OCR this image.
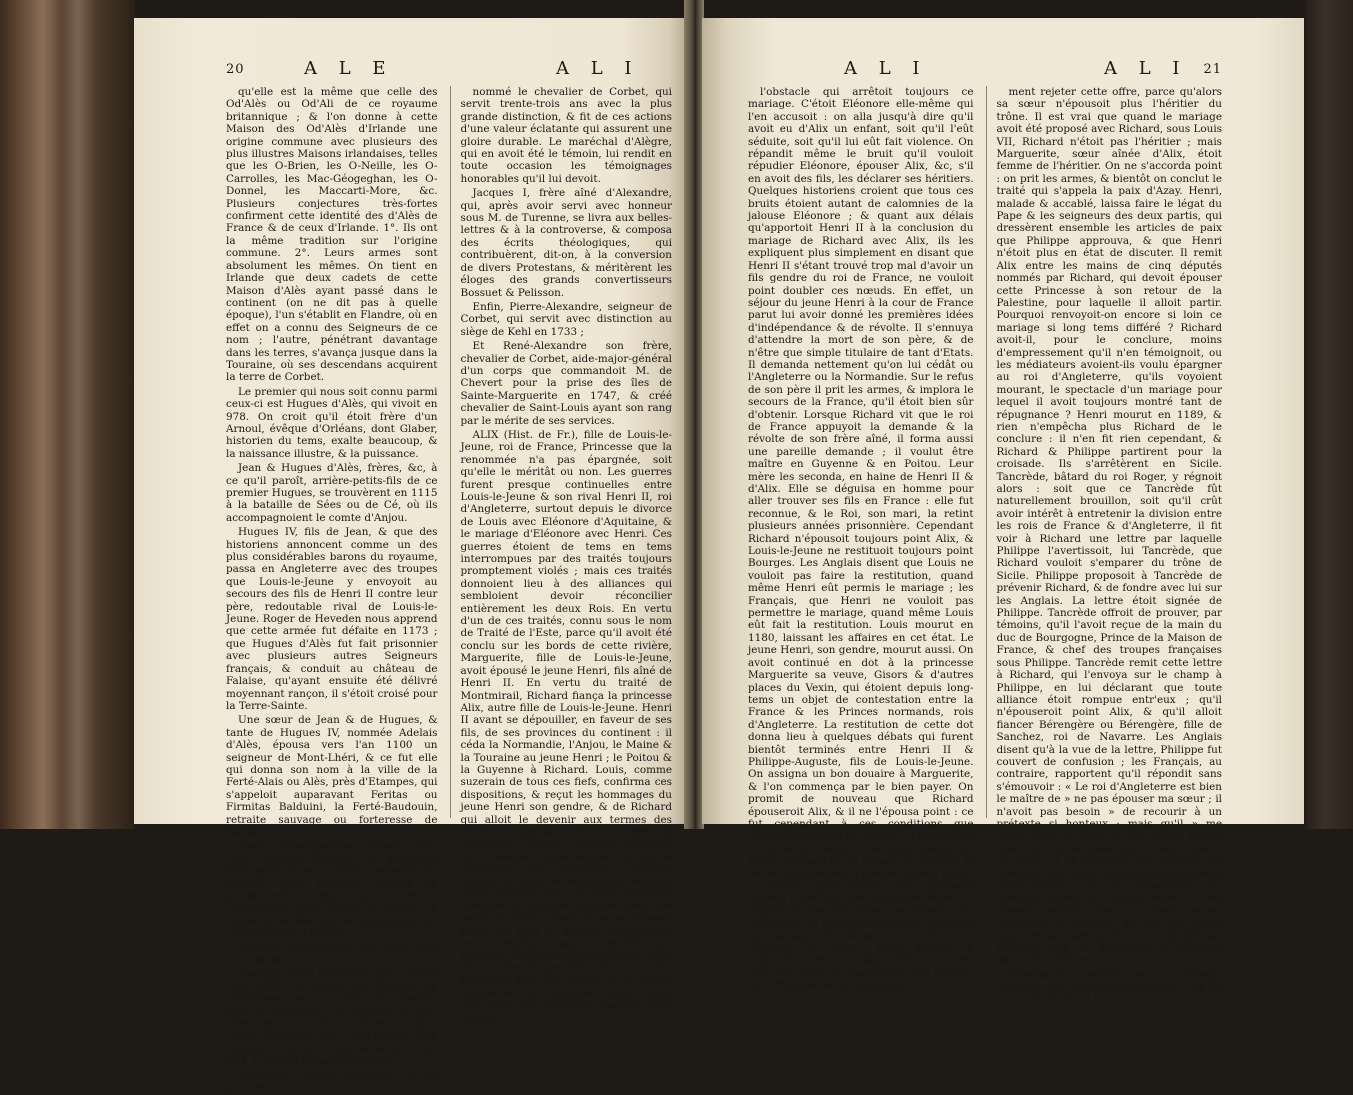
20	A L E	A L I

qu'elle est la même que celle des Od'Alès ou Od'Ali de ce royaume britannique ; & l'on donne à cette Maison des Od'Alès d'Irlande une origine commune avec plusieurs des plus illustres Maisons irlandaises, telles que les O-Brien, les O-Neille, les O-Carrolles, les Mac-Géogeghan, les O-Donnel, les Maccarti-More, &c. Plusieurs conjectures très-fortes confirment cette identité des d'Alès de France & de ceux d'Irlande. 1°. Ils ont la même tradition sur l'origine commune. 2°. Leurs armes sont absolument les mêmes. On tient en Irlande que deux cadets de cette Maison d'Alès ayant passé dans le continent (on ne dit pas à quelle époque), l'un s'établit en Flandre, où en effet on a connu des Seigneurs de ce nom ; l'autre, pénétrant davantage dans les terres, s'avança jusque dans la Touraine, où ses descendans acquirent la terre de Corbet.

Le premier qui nous soit connu parmi ceux-ci est Hugues d'Alès, qui vivoit en 978. On croit qu'il étoit frère d'un Arnoul, évêque d'Orléans, dont Glaber, historien du tems, exalte beaucoup, & la naissance illustre, & la puissance.

Jean & Hugues d'Alès, frères, &c, à ce qu'il paroît, arrière-petits-fils de ce premier Hugues, se trouvèrent en 1115 à la bataille de Sées ou de Cé, où ils accompagnoient le comte d'Anjou.

Hugues IV, fils de Jean, & que des historiens annoncent comme un des plus considérables barons du royaume, passa en Angleterre avec des troupes que Louis-le-Jeune y envoyoit au secours des fils de Henri II contre leur père, redoutable rival de Louis-le-Jeune. Roger de Heveden nous apprend que cette armée fut défaite en 1173 ; que Hugues d'Alès fut fait prisonnier avec plusieurs autres Seigneurs français, & conduit au château de Falaise, qu'ayant ensuite été délivré moyennant rançon, il s'étoit croisé pour la Terre-Sainte.

Une sœur de Jean & de Hugues, & tante de Hugues IV, nommée Adelais d'Alès, épousa vers l'an 1100 un seigneur de Mont-Lhéri, & ce fut elle qui donna son nom à la ville de la Ferté-Alais ou Alès, près d'Etampes, qui s'appeloit auparavant Feritas ou Firmitas Balduini, la Ferté-Baudouin, retraite sauvage ou forteresse de Baudouin.

Nous remarquerons encore dans cette Maison, féconde en guerriers distingués, René I d'Alès, seigneur de Corbet, qu'un historien appelle un grand homme, & qui fut tué en 1590 en combattant pour Henri IV contre la Ligue, à la tête de sa compagnie de cent hommes d'armes.

Euverte son petit-fils, tué aussi dans un combat.

Joachim, frère d'Euverte, qui, chargé l'an 1650 du siège de Tortose en Catalogne, par le comte de Marsin, père du maréchal, fut emporté le jour même de la prise de la ville avec quatre cents hommes, par l'explosion d'un magasin à poudre, auquel le feu avoit pris. Il avoit à peine trente ans.

Alexandre, neveu d'Euverte & de Joachim,

nommé le chevalier de Corbet, qui servit trente-trois ans avec la plus grande distinction, & fit de ces actions d'une valeur éclatante qui assurent une gloire durable. Le maréchal d'Alègre, qui en avoit été le témoin, lui rendit en toute occasion les témoignages honorables qu'il lui devoit.

Jacques I, frère aîné d'Alexandre, qui, après avoir servi avec honneur sous M. de Turenne, se livra aux belles-lettres & à la controverse, & composa des écrits théologiques, qui contribuèrent, dit-on, à la conversion de divers Protestans, & méritèrent les éloges des grands convertisseurs Bossuet & Pelisson.

Enfin, Pierre-Alexandre, seigneur de Corbet, qui servit avec distinction au siège de Kehl en 1733 ;

Et René-Alexandre son frère, chevalier de Corbet, aide-major-général d'un corps que commandoit M. de Chevert pour la prise des îles de Sainte-Marguerite en 1747, & créé chevalier de Saint-Louis ayant son rang par le mérite de ses services.

ALIX (Hist. de Fr.), fille de Louis-le-Jeune, roi de France, Princesse que la renommée n'a pas épargnée, soit qu'elle le méritât ou non. Les guerres furent presque continuelles entre Louis-le-Jeune & son rival Henri II, roi d'Angleterre, surtout depuis le divorce de Louis avec Eléonore d'Aquitaine, & le mariage d'Eléonore avec Henri. Ces guerres étoient de tems en tems interrompues par des traités toujours promptement violés ; mais ces traités donnoient lieu à des alliances qui sembloient devoir réconcilier entièrement les deux Rois. En vertu d'un de ces traités, connu sous le nom de Traité de l'Este, parce qu'il avoit été conclu sur les bords de cette rivière, Marguerite, fille de Louis-le-Jeune, avoit épousé le jeune Henri, fils aîné de Henri II. En vertu du traité de Montmirail, Richard fiança la princesse Alix, autre fille de Louis-le-Jeune. Henri II avant se dépouiller, en faveur de ses fils, de ses provinces du continent : il céda la Normandie, l'Anjou, le Maine & la Touraine au jeune Henri ; le Poitou & la Guyenne à Richard. Louis, comme suzerain de tous ces fiefs, confirma ces dispositions, & reçut les hommages du jeune Henri son gendre, & de Richard qui alloit le devenir aux termes des traités. Cependant Henri II, père & monarque absolu, retenoit l'autorité qu'il sembloit communiquer, & de là naquirent de nouvelles guerres. Suivant le traité de Montmirail, Richard devoit épouser Alix, & Louis devoit lui remettre la ville de Bourges avec une partie du Berry ; mais on ne se pressoit point, de part ni d'autre, d'accomplir ces conventions. Louis ne rendoit point Bourges ; Richard n'épousoit point Alix. On a prétendu que Henri II, à qui cette Princesse avoit été remise, & qui s'étoit chargé de son éducation, avoit conçu pour elle une inclination secrète, d'où naissoit

A L I	A L I 21

l'obstacle qui arrêtoit toujours ce mariage. C'étoit Eléonore elle-même qui l'en accusoit : on alla jusqu'à dire qu'il avoit eu d'Alix un enfant, soit qu'il l'eût séduite, soit qu'il lui eût fait violence. On répandit même le bruit qu'il vouloit répudier Eléonore, épouser Alix, &c, s'il en avoit des fils, les déclarer ses héritiers. Quelques historiens croient que tous ces bruits étoient autant de calomnies de la jalouse Eléonore ; & quant aux délais qu'apportoit Henri II à la conclusion du mariage de Richard avec Alix, ils les expliquent plus simplement en disant que Henri II s'étant trouvé trop mal d'avoir un fils gendre du roi de France, ne vouloit point doubler ces nœuds. En effet, un séjour du jeune Henri à la cour de France parut lui avoir donné les premières idées d'indépendance & de révolte. Il s'ennuya d'attendre la mort de son père, & de n'être que simple titulaire de tant d'Etats. Il demanda nettement qu'on lui cédât ou l'Angleterre ou la Normandie. Sur le refus de son père il prit les armes, & implora le secours de la France, qu'il étoit bien sûr d'obtenir. Lorsque Richard vit que le roi de France appuyoit la demande & la révolte de son frère aîné, il forma aussi une pareille demande ; il voulut être maître en Guyenne & en Poitou. Leur mère les seconda, en haine de Henri II & d'Alix. Elle se déguisa en homme pour aller trouver ses fils en France : elle fut reconnue, & le Roi, son mari, la retint plusieurs années prisonnière. Cependant Richard n'épousoit toujours point Alix, & Louis-le-Jeune ne restituoit toujours point Bourges. Les Anglais disent que Louis ne vouloit pas faire la restitution, quand même Henri eût permis le mariage ; les Français, que Henri ne vouloit pas permettre le mariage, quand même Louis eût fait la restitution. Louis mourut en 1180, laissant les affaires en cet état. Le jeune Henri, son gendre, mourut aussi. On avoit continué en dot à la princesse Marguerite sa veuve, Gisors & d'autres places du Vexin, qui étoient depuis long-tems un objet de contestation entre la France & les Princes normands, rois d'Angleterre. La restitution de cette dot donna lieu à quelques débats qui furent bientôt terminés entre Henri II & Philippe-Auguste, fils de Louis-le-Jeune. On assigna un bon douaire à Marguerite, & l'on commença par le bien payer. On promit de nouveau que Richard épouseroit Alix, & il ne l'épousa point : ce fut cependant à ces conditions que Philippe consentit de laisser à l'Angleterre le comté de Gisors & les autres places du Vexin. Richard fit un voyage en France, & devint ouvertement l'ennemi de son père ; il déclara qu'il vouloit être couronné comme l'avoit été son frère aîné. Henri II, voyant ces mauvais effets de l'alliance de la France, en devint encore plus contraire au mariage de Richard avec Alix. On négocia, & Henri, pour éluder la proposition de ce mariage, offrit de marier Alix avec Jean, dit Sans-Terre, son dernier fils ; Philippe devoit naturelle-

ment rejeter cette offre, parce qu'alors sa sœur n'épousoit plus l'héritier du trône. Il est vrai que quand le mariage avoit été proposé avec Richard, sous Louis VII, Richard n'étoit pas l'héritier ; mais Marguerite, sœur aînée d'Alix, étoit femme de l'héritier. On ne s'accorda point : on prit les armes, & bientôt on conclut le traité qui s'appela la paix d'Azay. Henri, malade & accablé, laissa faire le légat du Pape & les seigneurs des deux partis, qui dressèrent ensemble les articles de paix que Philippe approuva, & que Henri n'étoit plus en état de discuter. Il remit Alix entre les mains de cinq députés nommés par Richard, qui devoit épouser cette Princesse à son retour de la Palestine, pour laquelle il alloit partir. Pourquoi renvoyoit-on encore si loin ce mariage si long tems différé ? Richard avoit-il, pour le conclure, moins d'empressement qu'il n'en témoignoit, ou les médiateurs avoient-ils voulu épargner au roi d'Angleterre, qu'ils voyoient mourant, le spectacle d'un mariage pour lequel il avoit toujours montré tant de répugnance ? Henri mourut en 1189, & rien n'empêcha plus Richard de le conclure : il n'en fit rien cependant, & Richard & Philippe partirent pour la croisade. Ils s'arrêtèrent en Sicile. Tancrède, bâtard du roi Roger, y régnoit alors : soit que ce Tancrède fût naturellement brouillon, soit qu'il crût avoir intérêt à entretenir la division entre les rois de France & d'Angleterre, il fit voir à Richard une lettre par laquelle Philippe l'avertissoit, lui Tancrède, que Richard vouloit s'emparer du trône de Sicile. Philippe proposoit à Tancrède de prévenir Richard, & de fondre avec lui sur les Anglais. La lettre étoit signée de Philippe. Tancrède offroit de prouver, par témoins, qu'il l'avoit reçue de la main du duc de Bourgogne, Prince de la Maison de France, & chef des troupes françaises sous Philippe. Tancrède remit cette lettre à Richard, qui l'envoya sur le champ à Philippe, en lui déclarant que toute alliance étoit rompue entr'eux ; qu'il n'épouseroit point Alix, & qu'il alloit fiancer Bérengère ou Bérengère, fille de Sanchez, roi de Navarre. Les Anglais disent qu'à la vue de la lettre, Philippe fut couvert de confusion ; les Français, au contraire, rapportent qu'il répondit sans s'émouvoir : « Le roi d'Angleterre est bien le maître de » ne pas épouser ma sœur ; il n'avoit pas besoin » de recourir à un prétexte si honteux ; mais qu'il » me rende donc le Vexin & les autres places que » je lui ai données pour la dot d'Alix. » Au reste, il fit observer que Richard, en rompant avec Alix, avoit une autre femme toute prête ; ce qui, annonçant des mesures prises de longue main, & des projets conduits avec un grand secret, expliquoit le mystère de tant de délais apportés au mariage d'Alix, & rejetoit sur Richard tous les soupçons de fausseté dans cette affaire.

Cependant l'intérêt de la croisade assoupit ces querelles naissantes : on fit un traité. Richard fut
